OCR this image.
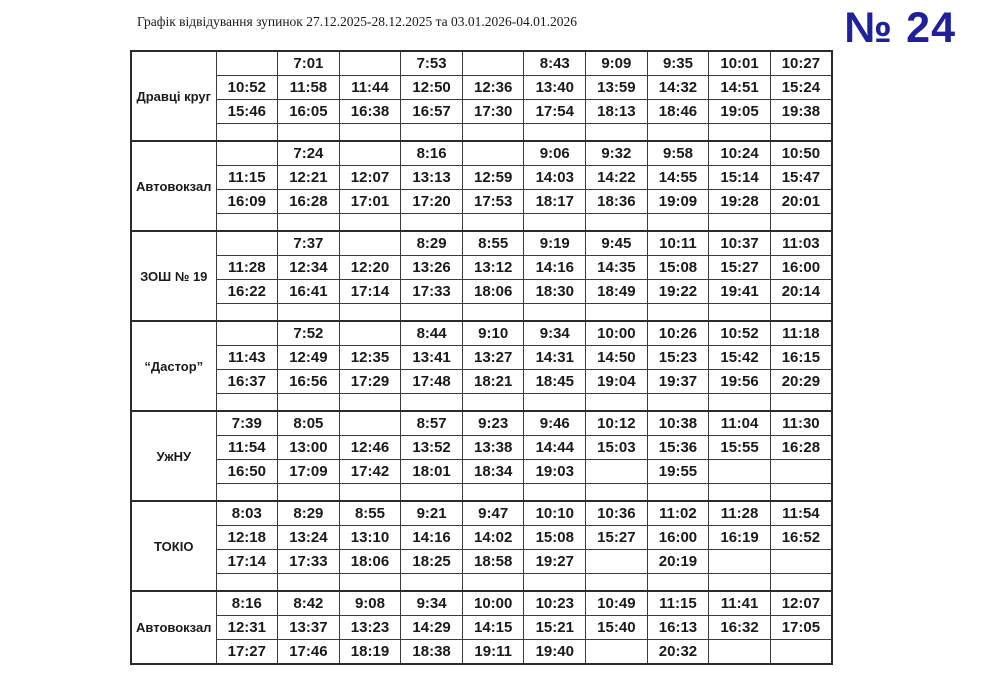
Графік відвідування зупинок 27.12.2025-28.12.2025 та 03.01.2026-04.01.2026	№ 24
Дравці круг		7:01		7:53		8:43	9:09	9:35	10:01	10:27
	10:52	11:58	11:44	12:50	12:36	13:40	13:59	14:32	14:51	15:24
	15:46	16:05	16:38	16:57	17:30	17:54	18:13	18:46	19:05	19:38

Автовокзал		7:24		8:16		9:06	9:32	9:58	10:24	10:50
	11:15	12:21	12:07	13:13	12:59	14:03	14:22	14:55	15:14	15:47
	16:09	16:28	17:01	17:20	17:53	18:17	18:36	19:09	19:28	20:01

ЗОШ № 19		7:37		8:29	8:55	9:19	9:45	10:11	10:37	11:03
	11:28	12:34	12:20	13:26	13:12	14:16	14:35	15:08	15:27	16:00
	16:22	16:41	17:14	17:33	18:06	18:30	18:49	19:22	19:41	20:14

“Дастор”		7:52		8:44	9:10	9:34	10:00	10:26	10:52	11:18
	11:43	12:49	12:35	13:41	13:27	14:31	14:50	15:23	15:42	16:15
	16:37	16:56	17:29	17:48	18:21	18:45	19:04	19:37	19:56	20:29

УжНУ	7:39	8:05		8:57	9:23	9:46	10:12	10:38	11:04	11:30
	11:54	13:00	12:46	13:52	13:38	14:44	15:03	15:36	15:55	16:28
	16:50	17:09	17:42	18:01	18:34	19:03		19:55		

ТОКІО	8:03	8:29	8:55	9:21	9:47	10:10	10:36	11:02	11:28	11:54
	12:18	13:24	13:10	14:16	14:02	15:08	15:27	16:00	16:19	16:52
	17:14	17:33	18:06	18:25	18:58	19:27		20:19		

Автовокзал	8:16	8:42	9:08	9:34	10:00	10:23	10:49	11:15	11:41	12:07
	12:31	13:37	13:23	14:29	14:15	15:21	15:40	16:13	16:32	17:05
	17:27	17:46	18:19	18:38	19:11	19:40		20:32		
